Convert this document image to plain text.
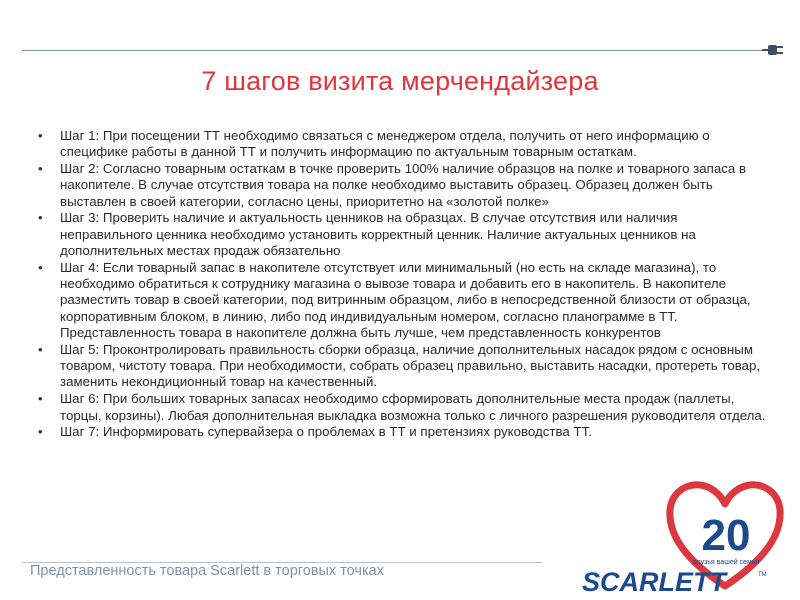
7 шагов визита мерчендайзера
• Шаг 1: При посещении ТТ необходимо связаться с менеджером отдела, получить от него информацию о специфике работы в данной ТТ и получить информацию по актуальным товарным остаткам.
• Шаг 2: Согласно товарным остаткам в точке проверить 100% наличие образцов на полке и товарного запаса в накопителе. В случае отсутствия товара на полке необходимо выставить образец. Образец должен быть выставлен в своей категории, согласно цены, приоритетно на «золотой полке»
• Шаг 3: Проверить наличие и актуальность ценников на образцах. В случае отсутствия или наличия неправильного ценника необходимо установить корректный ценник. Наличие актуальных ценников на дополнительных местах продаж обязательно
• Шаг 4: Если товарный запас в накопителе отсутствует или минимальный (но есть на складе магазина), то необходимо обратиться к сотруднику магазина о вывозе товара и добавить его в накопитель. В накопителе разместить товар в своей категории, под витринным образцом, либо в непосредственной близости от образца, корпоративным блоком, в линию, либо под индивидуальным номером, согласно планограмме в ТТ. Представленность товара в накопителе должна быть лучше, чем представленность конкурентов
• Шаг 5: Проконтролировать правильность сборки образца, наличие дополнительных насадок рядом с основным товаром, чистоту товара. При необходимости, собрать образец правильно, выставить насадки, протереть товар, заменить некондиционный товар на качественный.
• Шаг 6: При больших товарных запасах необходимо сформировать дополнительные места продаж (паллеты, торцы, корзины). Любая дополнительная выкладка возможна только с личного разрешения руководителя отдела.
• Шаг 7: Информировать супервайзера о проблемах в ТТ и претензиях руководства ТТ.
20
друзья вашей семьи
SCARLETT	TM
Представленность товара Scarlett в торговых точках
